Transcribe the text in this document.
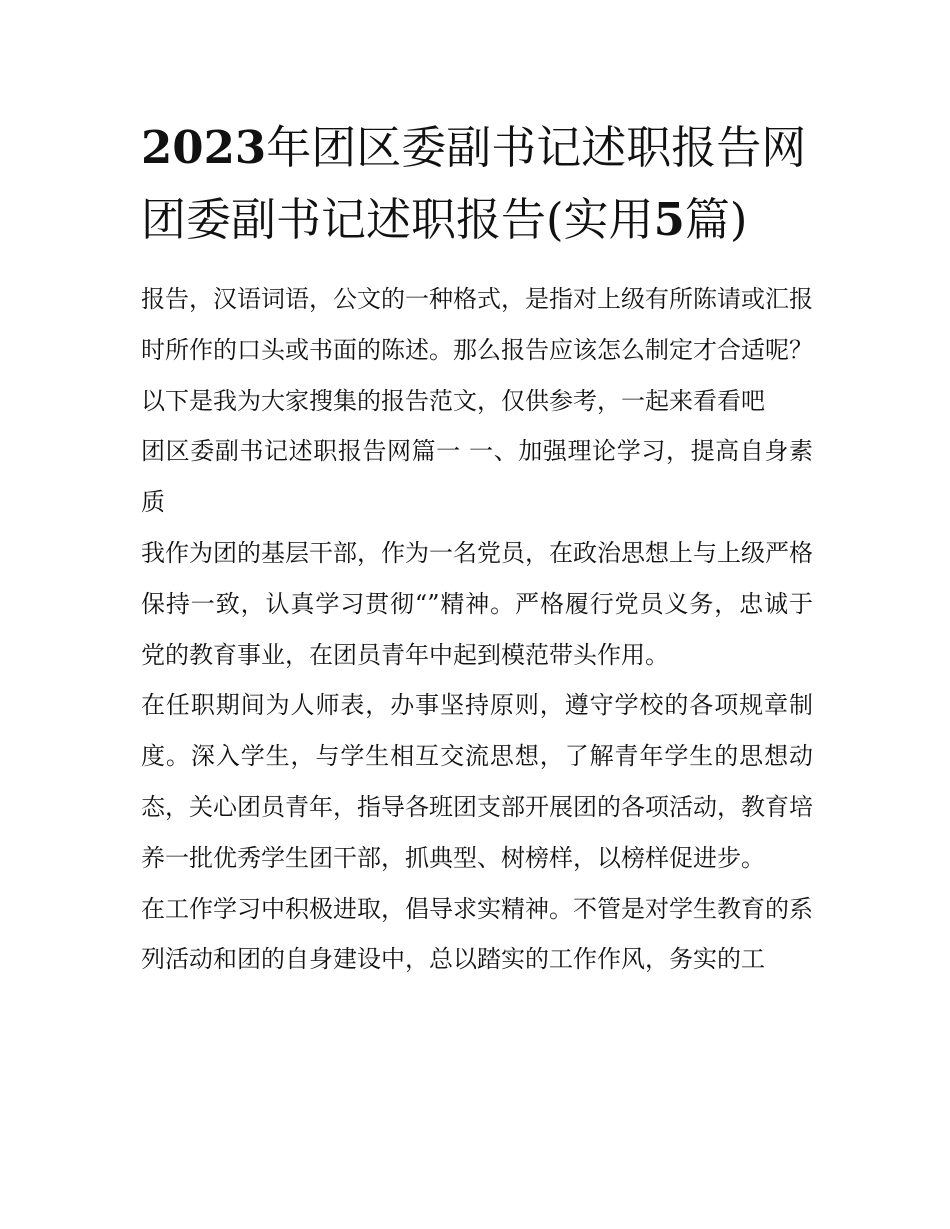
2023年团区委副书记述职报告网 团委副书记述职报告(实用5篇)

报告，汉语词语，公文的一种格式，是指对上级有所陈请或汇报时所作的口头或书面的陈述。那么报告应该怎么制定才合适呢？以下是我为大家搜集的报告范文，仅供参考，一起来看看吧

团区委副书记述职报告网篇一 一、加强理论学习，提高自身素质

我作为团的基层干部，作为一名党员，在政治思想上与上级严格保持一致，认真学习贯彻“”精神。严格履行党员义务，忠诚于党的教育事业，在团员青年中起到模范带头作用。

在任职期间为人师表，办事坚持原则，遵守学校的各项规章制度。深入学生，与学生相互交流思想，了解青年学生的思想动态，关心团员青年，指导各班团支部开展团的各项活动，教育培养一批优秀学生团干部，抓典型、树榜样，以榜样促进步。

在工作学习中积极进取，倡导求实精神。不管是对学生教育的系列活动和团的自身建设中，总以踏实的工作作风，务实的工
